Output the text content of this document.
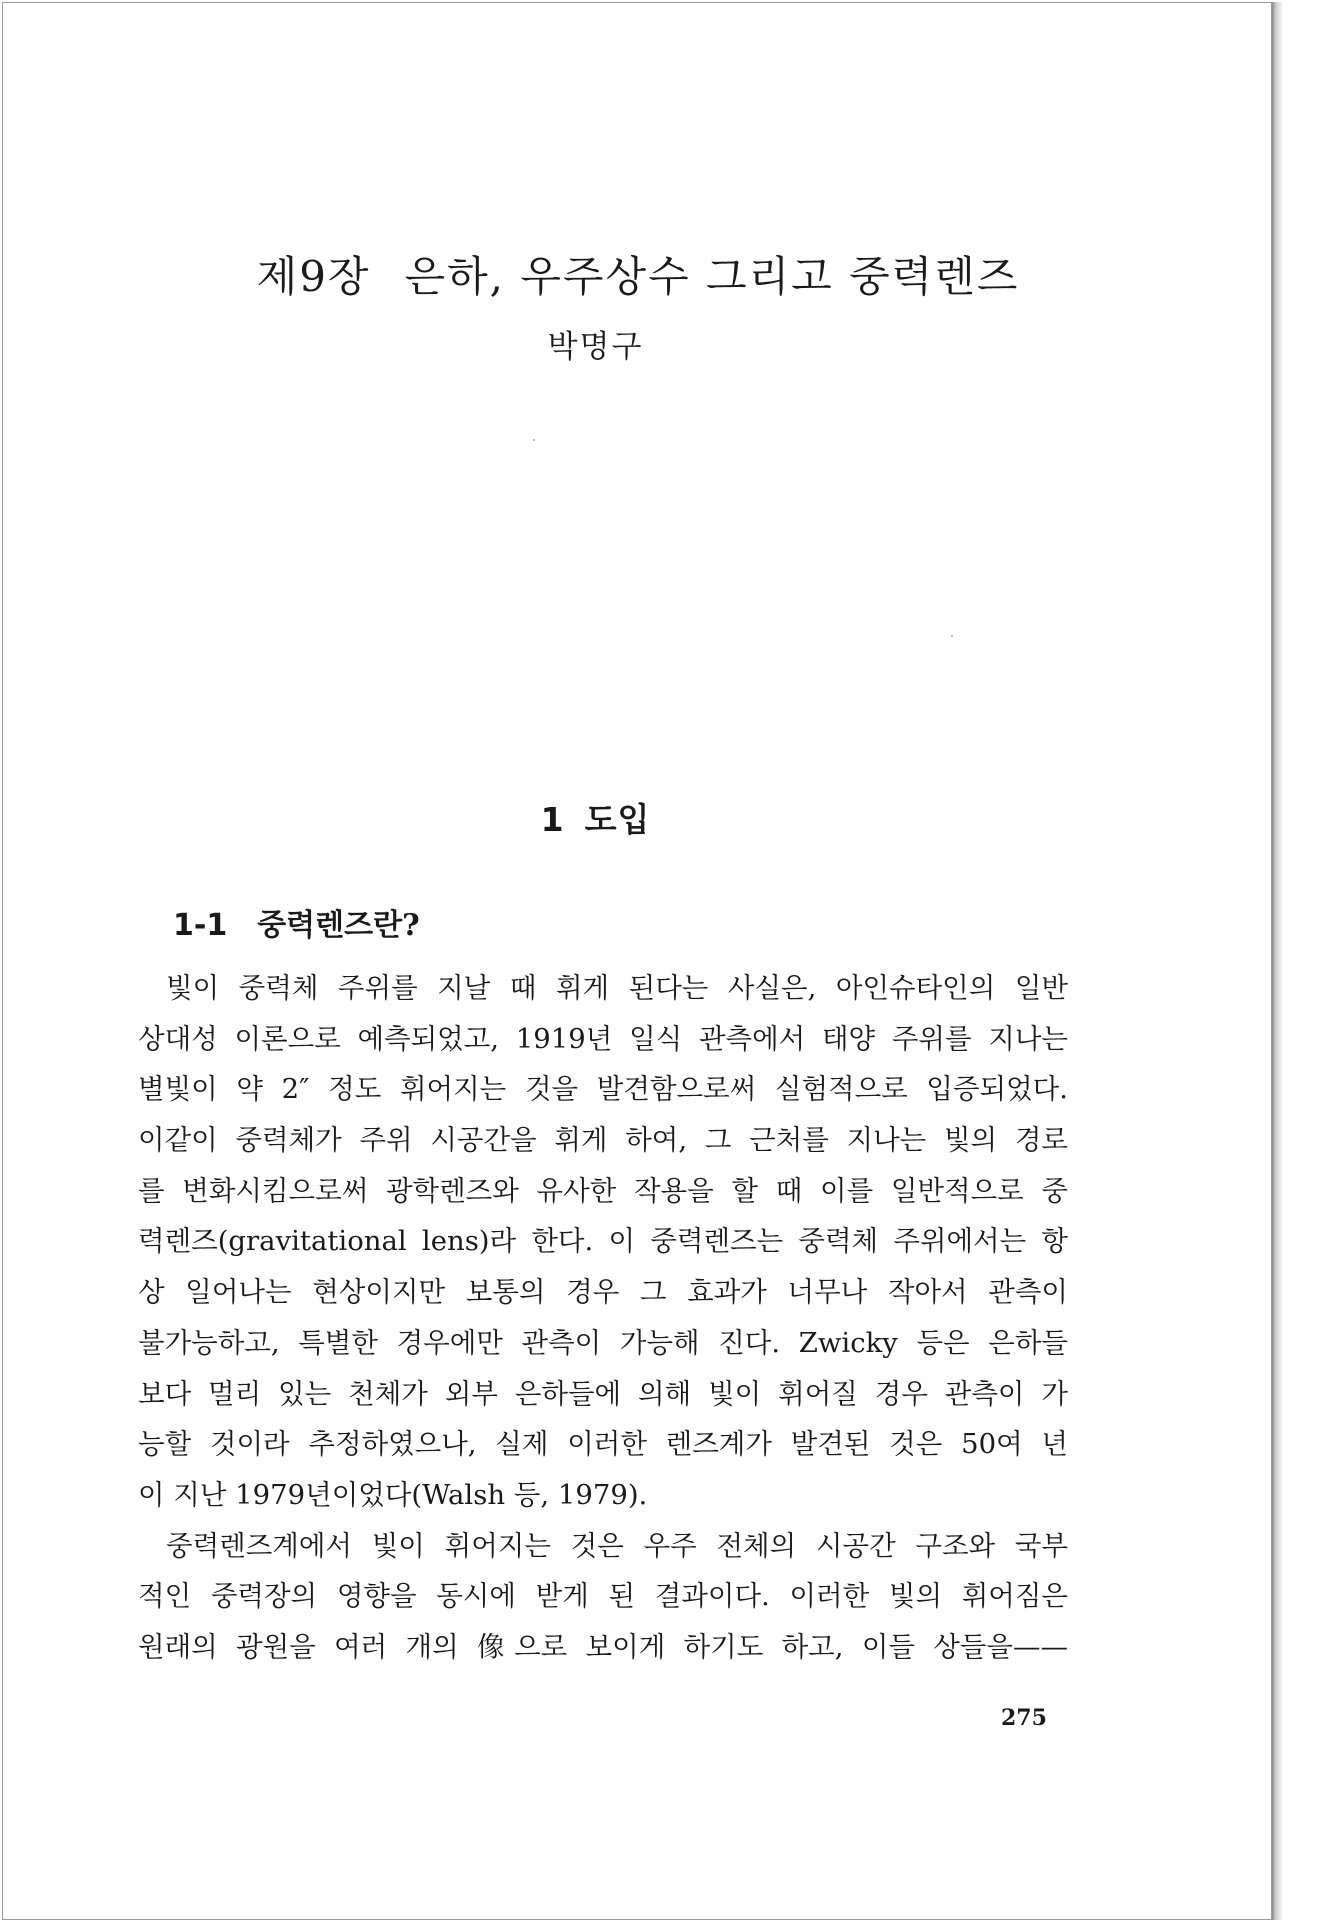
제9장 은하, 우주상수 그리고 중력렌즈
박명구
1 도입
1-1 중력렌즈란?
빛이 중력체 주위를 지날 때 휘게 된다는 사실은, 아인슈타인의 일반
상대성 이론으로 예측되었고, 1919년 일식 관측에서 태양 주위를 지나는
별빛이 약 2″ 정도 휘어지는 것을 발견함으로써 실험적으로 입증되었다.
이같이 중력체가 주위 시공간을 휘게 하여, 그 근처를 지나는 빛의 경로
를 변화시킴으로써 광학렌즈와 유사한 작용을 할 때 이를 일반적으로 중
력렌즈(gravitational lens)라 한다. 이 중력렌즈는 중력체 주위에서는 항
상 일어나는 현상이지만 보통의 경우 그 효과가 너무나 작아서 관측이
불가능하고, 특별한 경우에만 관측이 가능해 진다. Zwicky 등은 은하들
보다 멀리 있는 천체가 외부 은하들에 의해 빛이 휘어질 경우 관측이 가
능할 것이라 추정하였으나, 실제 이러한 렌즈계가 발견된 것은 50여 년
이 지난 1979년이었다(Walsh 등, 1979).
중력렌즈계에서 빛이 휘어지는 것은 우주 전체의 시공간 구조와 국부
적인 중력장의 영향을 동시에 받게 된 결과이다. 이러한 빛의 휘어짐은
원래의 광원을 여러 개의 像으로 보이게 하기도 하고, 이들 상들을——
275
